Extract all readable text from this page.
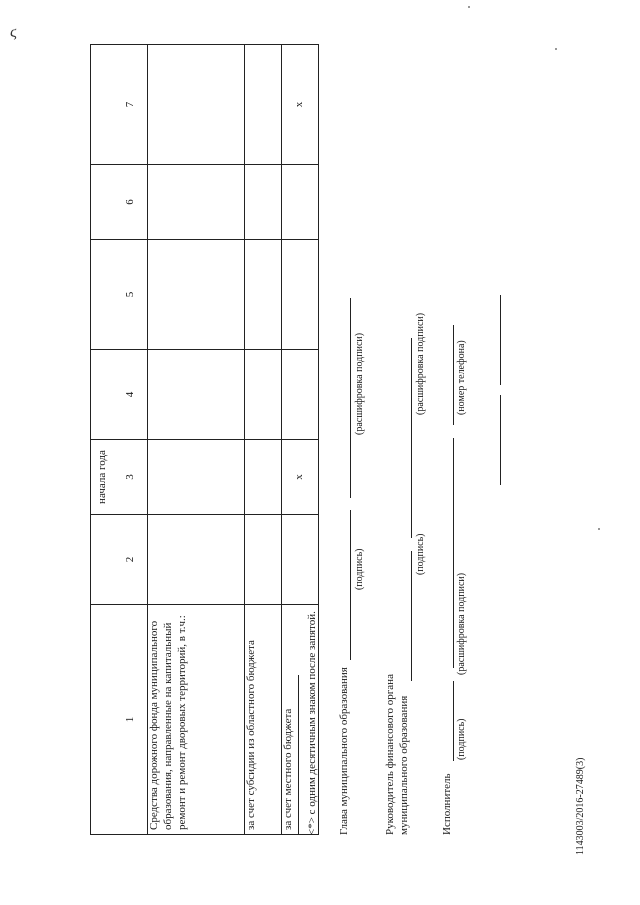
ϛ
		начала года				
1	2	3	4	5	6	7
Средства дорожного фонда муниципального образования, направленные на капитальный ремонт и ремонт дворовых территорий, в т.ч.:						
за счет субсидии из областного бюджета						
за счет местного бюджета		х				х
<*> с одним десятичным знаком после запятой. Глава муниципального образования
(подпись)
(расшифровка подписи)
Руководитель финансового органа муниципального образования
(подпись)
(расшифровка подписи)
Исполнитель
(подпись)
(расшифровка подписи)
(номер телефона)
1143003/2016-27489(3)
